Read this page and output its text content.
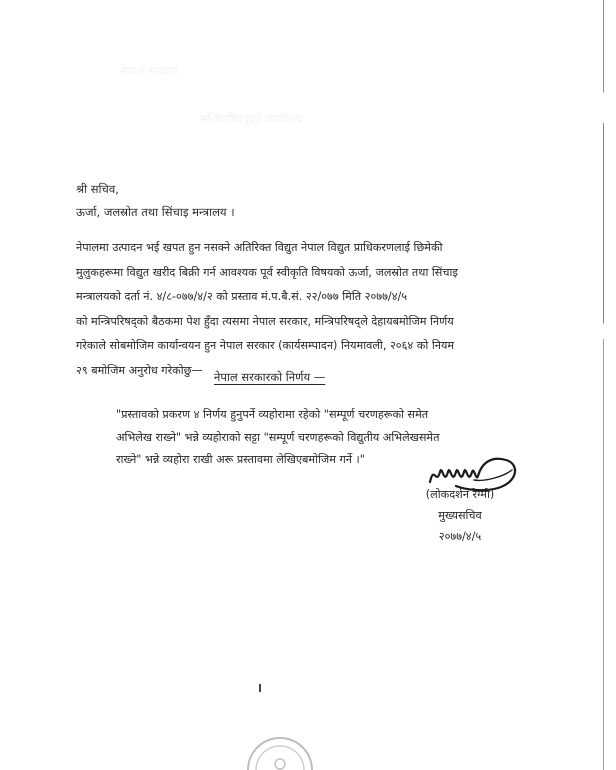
नेपाल सरकार
मन्त्रिपरिषद्‌को कार्यालय
श्री सचिव,
ऊर्जा, जलस्रोत तथा सिंचाइ मन्त्रालय ।
नेपालमा उत्पादन भई खपत हुन नसक्ने अतिरिक्त विद्युत नेपाल विद्युत प्राधिकरणलाई छिमेकी
मुलुकहरूमा विद्युत खरीद बिक्री गर्न आवश्यक पूर्व स्वीकृति विषयको ऊर्जा, जलस्रोत तथा सिंचाइ
मन्त्रालयको दर्ता नं. ४/८-०७७/४/२ को प्रस्ताव मं.प.बै.सं. २२/०७७ मिति २०७७/४/५
को मन्त्रिपरिषद्‌को बैठकमा पेश हुँदा त्यसमा नेपाल सरकार, मन्त्रिपरिषद्‌ले देहायबमोजिम निर्णय
गरेकाले सोबमोजिम कार्यान्वयन हुन नेपाल सरकार (कार्यसम्पादन) नियमावली, २०६४ को नियम
२९ बमोजिम अनुरोध गरेकोछु— नेपाल सरकारको निर्णय —
"प्रस्तावको प्रकरण ४ निर्णय हुनुपर्ने व्यहोरामा रहेको "सम्पूर्ण चरणहरूको समेत
अभिलेख राख्ने" भन्ने व्यहोराको सट्टा "सम्पूर्ण चरणहरूको विद्युतीय अभिलेखसमेत
राख्ने" भन्ने व्यहोरा राखी अरू प्रस्तावमा लेखिएबमोजिम गर्ने ।"
(लोकदर्शन रेग्मी)
मुख्यसचिव
२०७७/४/५
